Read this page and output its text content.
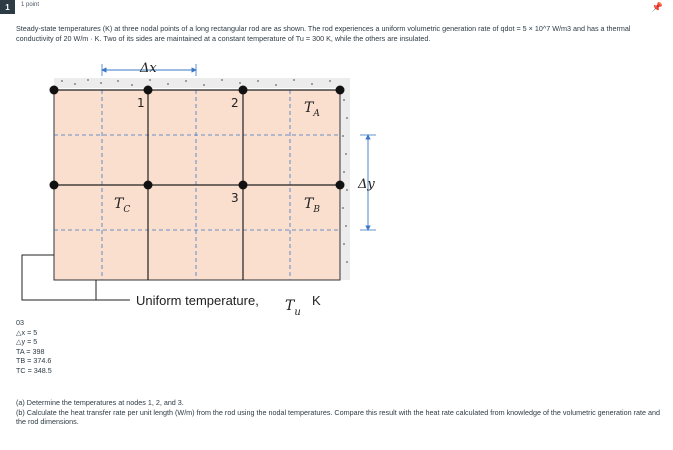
1	1 point	📌
Steady-state temperatures (K) at three nodal points of a long rectangular rod are as shown. The rod experiences a uniform volumetric generation rate of qdot = 5 × 10^7 W/m3 and has a thermal conductivity of 20 W/m · K. Two of its sides are maintained at a constant temperature of Tu = 300 K, while the others are insulated.
Δx
Δy
1	2
3
$T_A$
$T_B$
$T_C$
Uniform temperature, $T_u$
K
03
△x = 5
△y = 5
TA = 398
TB = 374.6
TC = 348.5
(a) Determine the temperatures at nodes 1, 2, and 3.
(b) Calculate the heat transfer rate per unit length (W/m) from the rod using the nodal temperatures. Compare this result with the heat rate calculated from knowledge of the volumetric generation rate and the rod dimensions.
